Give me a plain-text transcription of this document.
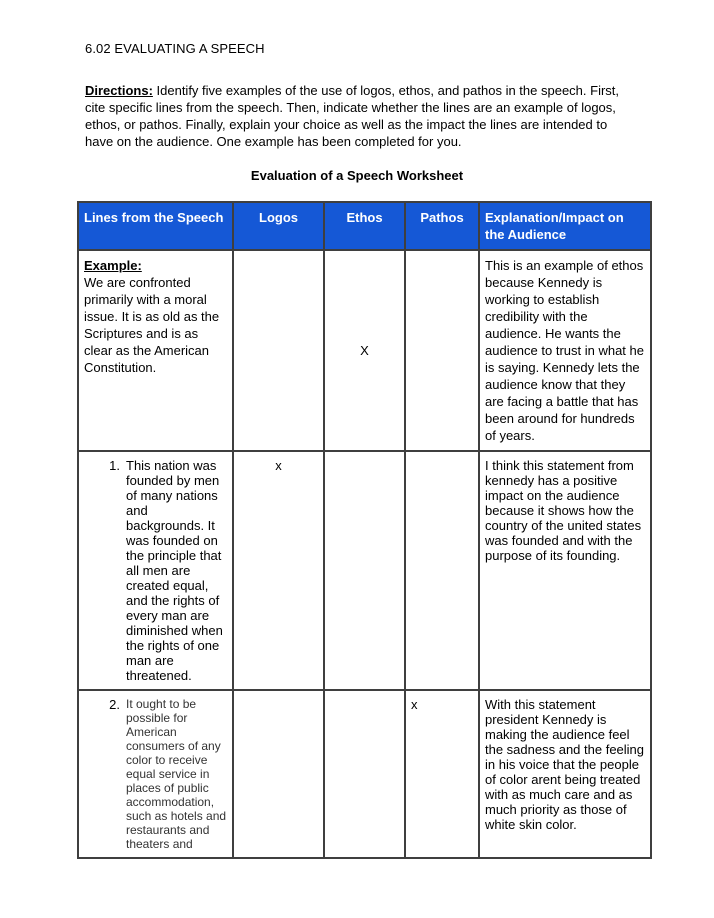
6.02 EVALUATING A SPEECH
Directions: Identify five examples of the use of logos, ethos, and pathos in the speech. First, cite specific lines from the speech. Then, indicate whether the lines are an example of logos, ethos, or pathos. Finally, explain your choice as well as the impact the lines are intended to have on the audience. One example has been completed for you.
Evaluation of a Speech Worksheet
Lines from the Speech	Logos	Ethos	Pathos	Explanation/Impact on the Audience

Example:
We are confronted primarily with a moral issue. It is as old as the Scriptures and is as clear as the American Constitution.		X		This is an example of ethos because Kennedy is working to establish credibility with the audience. He wants the audience to trust in what he is saying. Kennedy lets the audience know that they are facing a battle that has been around for hundreds of years.

1. This nation was founded by men of many nations and backgrounds. It was founded on the principle that all men are created equal, and the rights of every man are diminished when the rights of one man are threatened.	x			I think this statement from kennedy has a positive impact on the audience because it shows how the country of the united states was founded and with the purpose of its founding.

2. It ought to be possible for American consumers of any color to receive equal service in places of public accommodation, such as hotels and restaurants and theaters and			x	With this statement president Kennedy is making the audience feel the sadness and the feeling in his voice that the people of color arent being treated with as much care and as much priority as those of white skin color.
